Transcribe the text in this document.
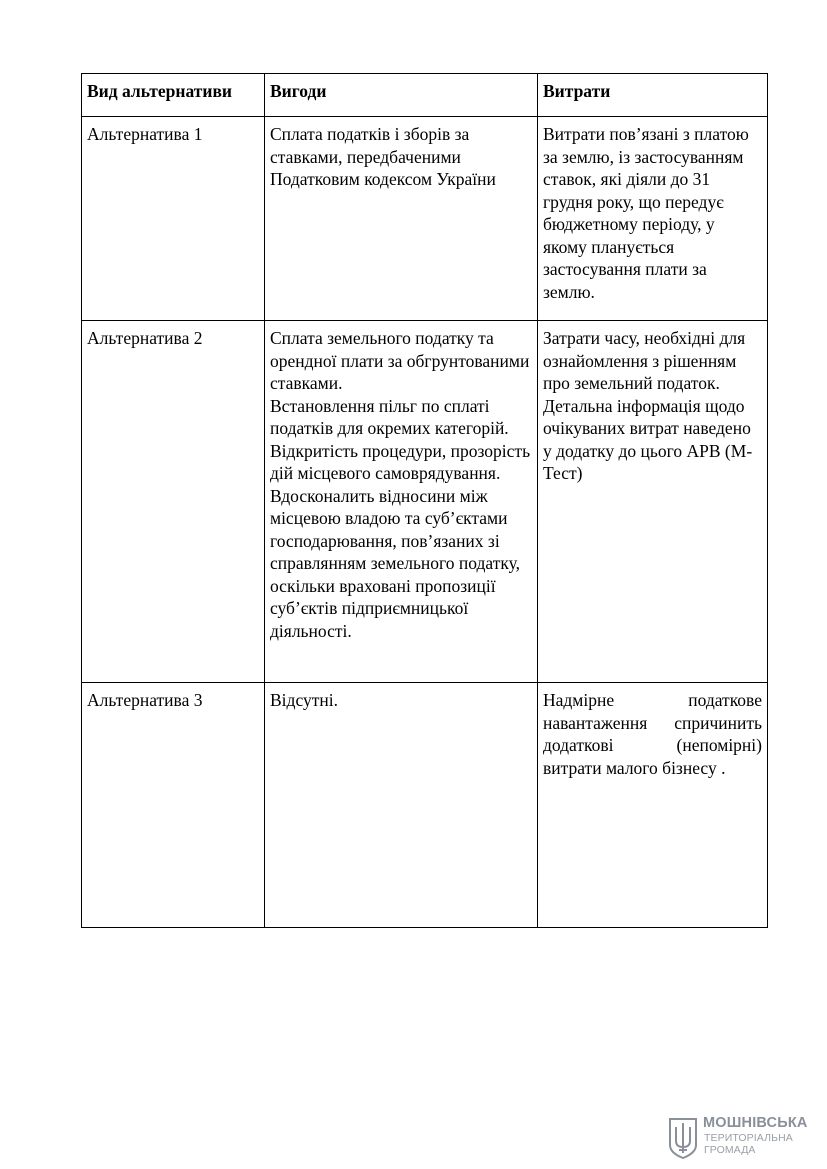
Вид альтернативи	Вигоди	Витрати
Альтернатива 1	Сплата податків і зборів за ставками, передбаченими Податковим кодексом України	Витрати пов’язані з платою за землю, із застосуванням ставок, які діяли до 31 грудня року, що передує бюджетному періоду, у якому планується застосування плати за землю.

Альтернатива 2	Сплата земельного податку та орендної плати за обгрунтованими ставками.
Встановлення пільг по сплаті податків для окремих категорій.
Відкритість процедури, прозорість дій місцевого самоврядування.
Вдосконалить відносини між місцевою владою та суб’єктами господарювання, пов’язаних зі справлянням земельного податку, оскільки враховані пропозиції суб’єктів підприємницької діяльності.	Затрати часу, необхідні для ознайомлення з рішенням про земельний податок.
Детальна інформація щодо очікуваних витрат наведено у додатку до цього АРВ (М-Тест)

Альтернатива 3	Відсутні.	Надмірне податкове навантаження спричинить додаткові (непомірні) витрати малого бізнесу .
МОШНІВСЬКА
ТЕРИТОРІАЛЬНА
ГРОМАДА
